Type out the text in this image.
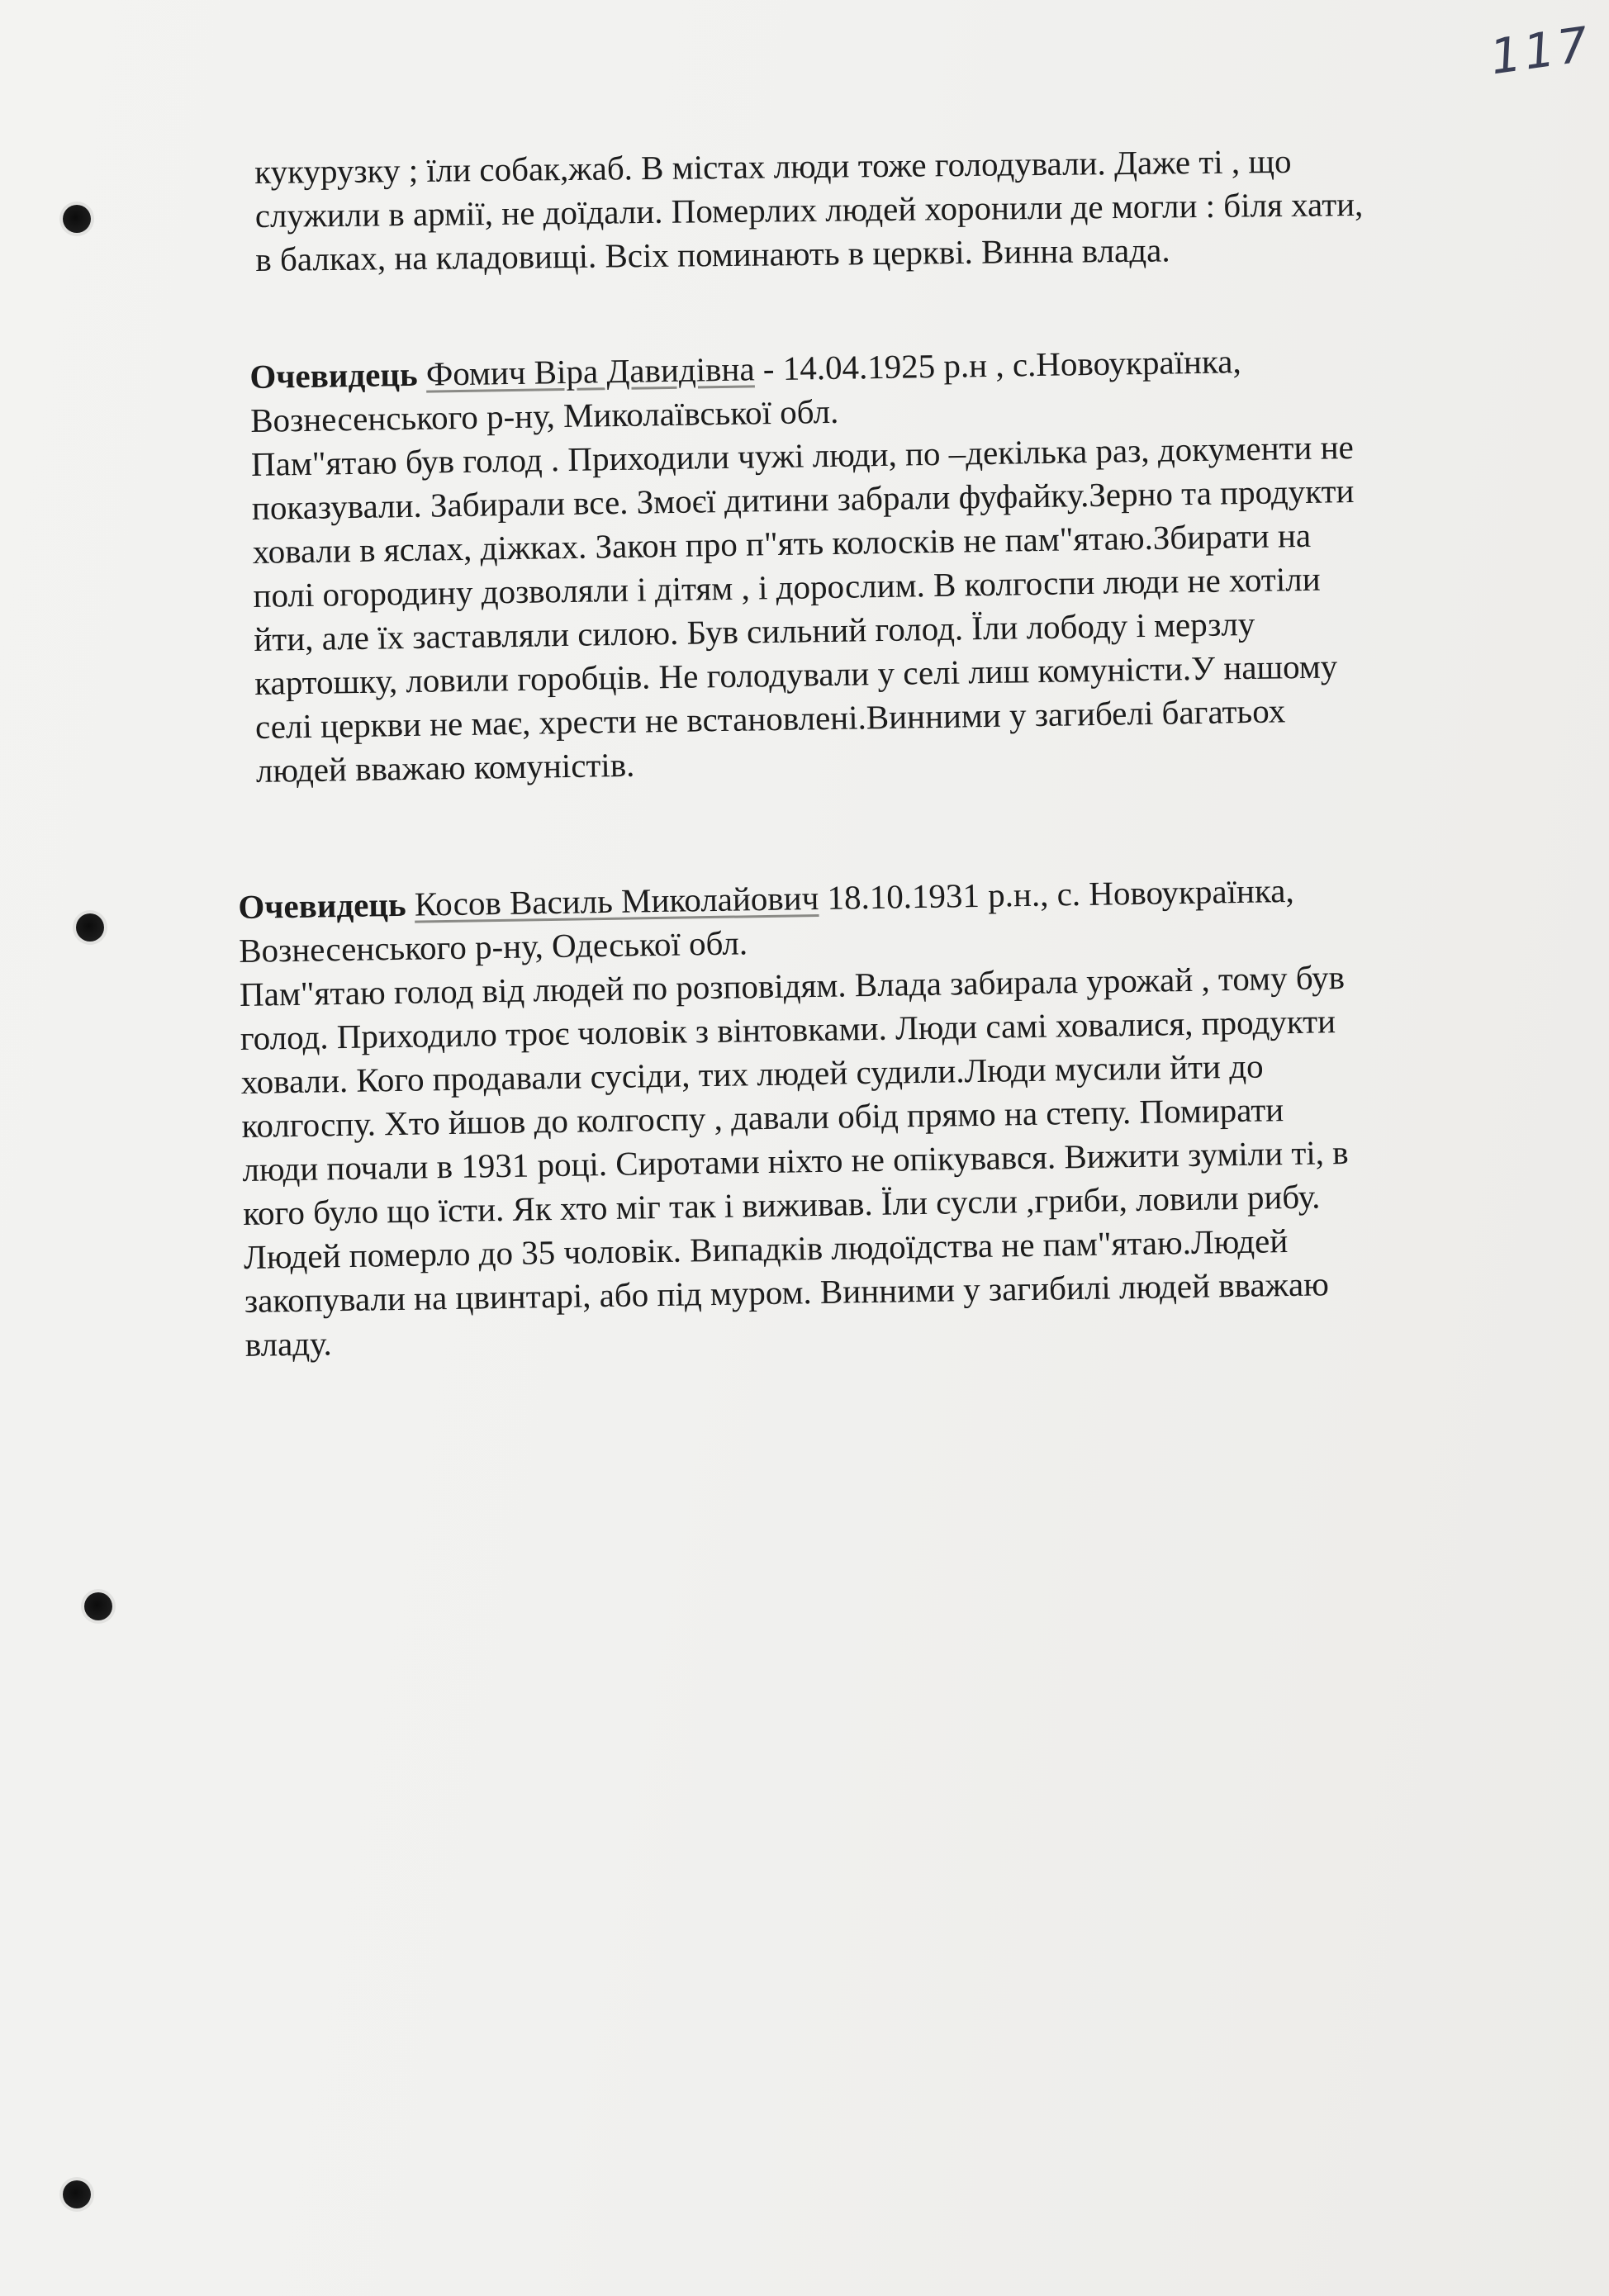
117
кукурузку ; їли собак,жаб. В містах люди тоже голодували. Даже ті , що
служили в армії, не доїдали. Померлих людей хоронили де могли : біля хати,
в балках, на кладовищі. Всіх поминають в церкві. Винна влада.
Очевидець Фомич Віра Давидівна - 14.04.1925 р.н , с.Новоукраїнка,
Вознесенського р-ну, Миколаївської обл.
Пам"ятаю був голод . Приходили чужі люди, по –декілька раз, документи не
показували. Забирали все. Змоєї дитини забрали фуфайку.Зерно та продукти
ховали в яслах, діжках. Закон про п"ять колосків не пам"ятаю.Збирати на
полі огородину дозволяли і дітям , і дорослим. В колгоспи люди не хотіли
йти, але їх заставляли силою. Був сильний голод. Їли лободу і мерзлу
картошку, ловили горобців. Не голодували у селі лиш комуністи.У нашому
селі церкви не має, хрести не встановлені.Винними у загибелі багатьох
людей вважаю комуністів.
Очевидець Косов Василь Миколайович 18.10.1931 р.н., с. Новоукраїнка,
Вознесенського р-ну, Одеської обл.
Пам"ятаю голод від людей по розповідям. Влада забирала урожай , тому був
голод. Приходило троє чоловік з вінтовками. Люди самі ховалися, продукти
ховали. Кого продавали сусіди, тих людей судили.Люди мусили йти до
колгоспу. Хто йшов до колгоспу , давали обід прямо на степу. Помирати
люди почали в 1931 році. Сиротами ніхто не опікувався. Вижити зуміли ті, в
кого було що їсти. Як хто міг так і виживав. Їли сусли ,гриби, ловили рибу.
Людей померло до 35 чоловік. Випадків людоїдства не пам"ятаю.Людей
закопували на цвинтарі, або під муром. Винними у загибилі людей вважаю
владу.
